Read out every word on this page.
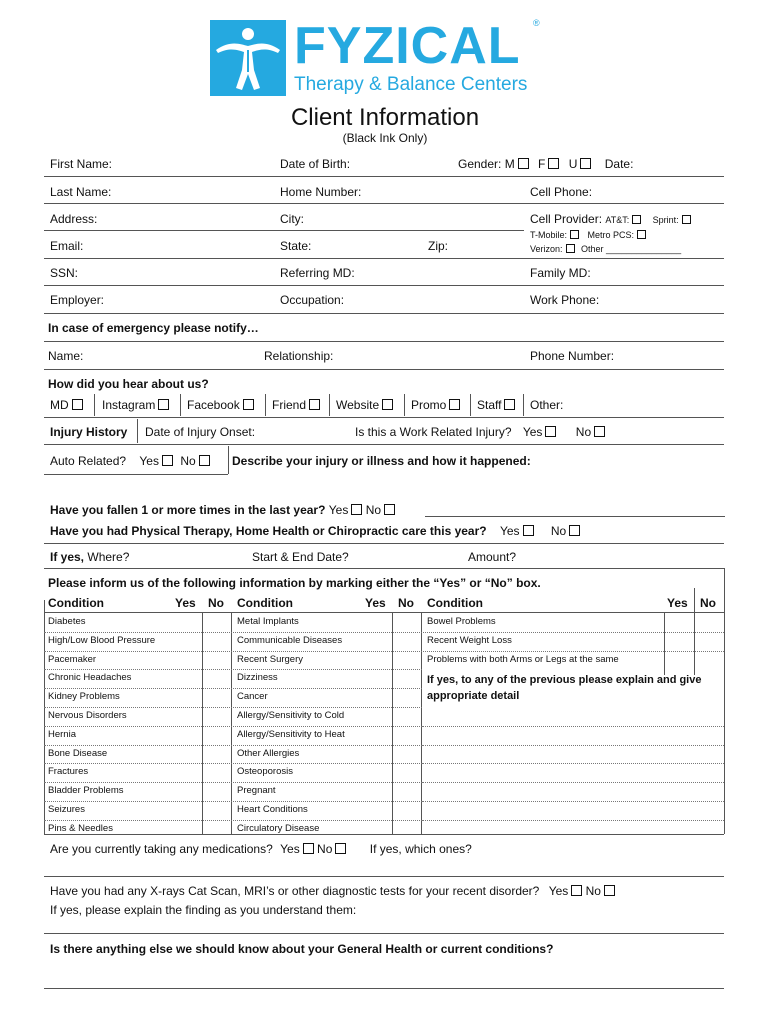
FYZICAL ®
Therapy & Balance Centers
Client Information
(Black Ink Only)
First Name:	Date of Birth:	Gender: M F U Date:
Last Name:	Home Number:	Cell Phone:
Address:	City:	Cell Provider: AT&T:	Sprint:
T-Mobile: Metro PCS:
Verizon: Other _______________
Email:	State:	Zip:
SSN:	Referring MD:	Family MD:
Employer:	Occupation:	Work Phone:
In case of emergency please notify…
Name:	Relationship:	Phone Number:
How did you hear about us?
MD	Instagram	Facebook	Friend	Website	Promo	Staff	Other:
Injury History Date of Injury Onset:	Is this a Work Related Injury? Yes	No
Auto Related? Yes No	Describe your injury or illness and how it happened:
Have you fallen 1 or more times in the last year? Yes No
Have you had Physical Therapy, Home Health or Chiropractic care this year? Yes	No
If yes, Where?	Start & End Date?	Amount?
Please inform us of the following information by marking either the “Yes” or “No” box.
Condition	Yes No Condition	Yes No Condition	Yes No
Diabetes	Metal Implants	Bowel Problems
High/Low Blood Pressure	Communicable Diseases	Recent Weight Loss
Pacemaker	Recent Surgery	Problems with both Arms or Legs at the same
Chronic Headaches	Dizziness
Kidney Problems	Cancer
Nervous Disorders	Allergy/Sensitivity to Cold
Hernia	Allergy/Sensitivity to Heat
Bone Disease	Other Allergies
Fractures	Osteoporosis
Bladder Problems	Pregnant
Seizures	Heart Conditions
Pins & Needles	Circulatory Disease
If yes, to any of the previous please explain and give
appropriate detail
Are you currently taking any medications? Yes No	If yes, which ones?
Have you had any X-rays Cat Scan, MRI’s or other diagnostic tests for your recent disorder? Yes No
If yes, please explain the finding as you understand them:
Is there anything else we should know about your General Health or current conditions?
